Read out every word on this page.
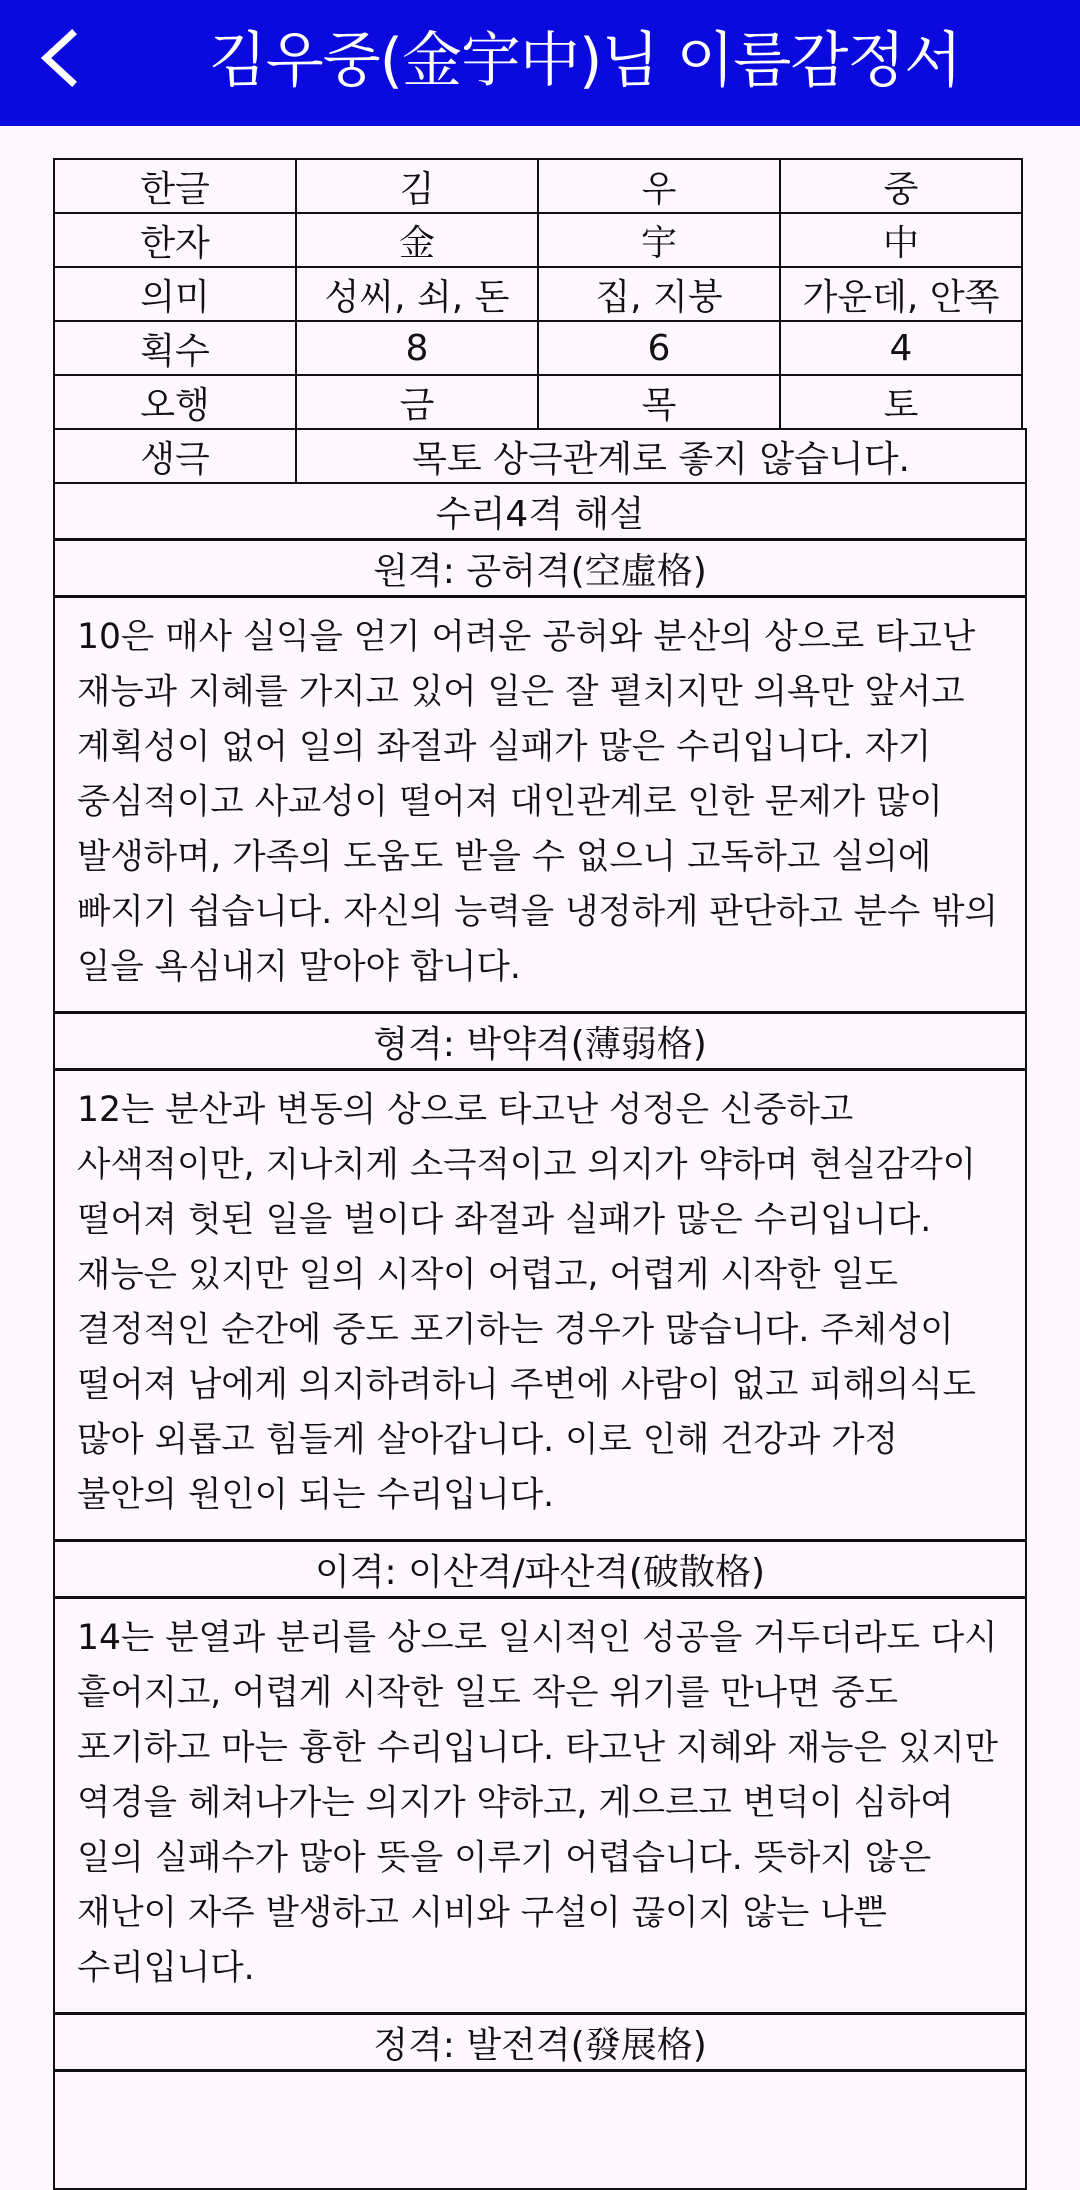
김우중(金宇中)님 이름감정서
한글	김	우	중
한자	金	宇	中
의미	성씨, 쇠, 돈	집, 지붕	가운데, 안쪽
획수	8	6	4
오행	금	목	토
생극	목토 상극관계로 좋지 않습니다.
수리4격 해설
원격: 공허격(空虛格)
10은 매사 실익을 얻기 어려운 공허와 분산의 상으로 타고난 재능과 지혜를 가지고 있어 일은 잘 펼치지만 의욕만 앞서고 계획성이 없어 일의 좌절과 실패가 많은 수리입니다. 자기 중심적이고 사교성이 떨어져 대인관계로 인한 문제가 많이 발생하며, 가족의 도움도 받을 수 없으니 고독하고 실의에 빠지기 쉽습니다. 자신의 능력을 냉정하게 판단하고 분수 밖의 일을 욕심내지 말아야 합니다.
형격: 박약격(薄弱格)
12는 분산과 변동의 상으로 타고난 성정은 신중하고 사색적이만, 지나치게 소극적이고 의지가 약하며 현실감각이 떨어져 헛된 일을 벌이다 좌절과 실패가 많은 수리입니다. 재능은 있지만 일의 시작이 어렵고, 어렵게 시작한 일도 결정적인 순간에 중도 포기하는 경우가 많습니다. 주체성이 떨어져 남에게 의지하려하니 주변에 사람이 없고 피해의식도 많아 외롭고 힘들게 살아갑니다. 이로 인해 건강과 가정 불안의 원인이 되는 수리입니다.
이격: 이산격/파산격(破散格)
14는 분열과 분리를 상으로 일시적인 성공을 거두더라도 다시 흩어지고, 어렵게 시작한 일도 작은 위기를 만나면 중도 포기하고 마는 흉한 수리입니다. 타고난 지혜와 재능은 있지만 역경을 헤쳐나가는 의지가 약하고, 게으르고 변덕이 심하여 일의 실패수가 많아 뜻을 이루기 어렵습니다. 뜻하지 않은 재난이 자주 발생하고 시비와 구설이 끊이지 않는 나쁜 수리입니다.
정격: 발전격(發展格)
